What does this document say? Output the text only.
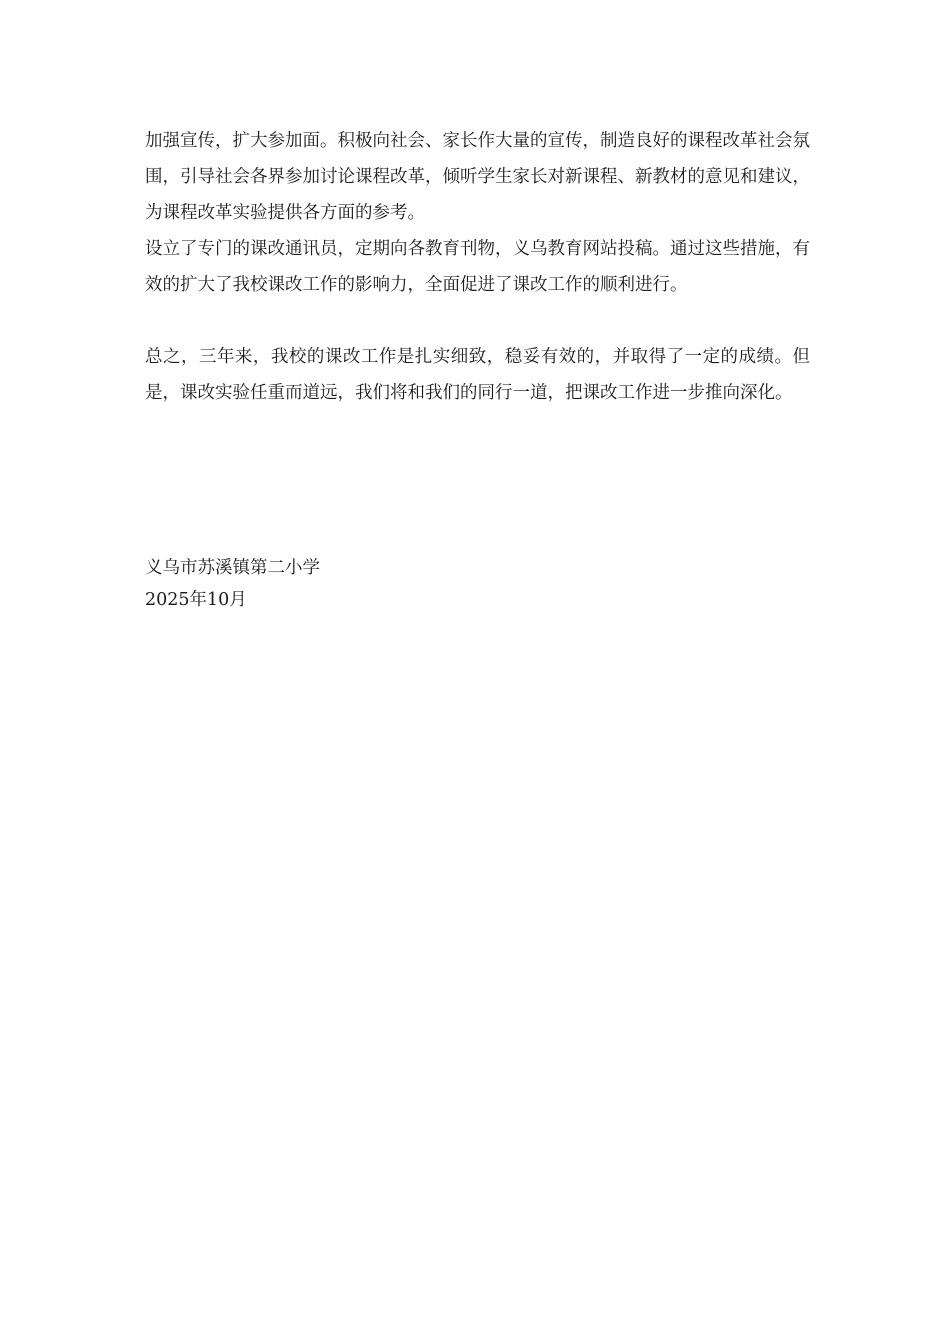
加强宣传，扩大参加面。积极向社会、家长作大量的宣传，制造良好的课程改革社会氛围，引导社会各界参加讨论课程改革，倾听学生家长对新课程、新教材的意见和建议，为课程改革实验提供各方面的参考。

设立了专门的课改通讯员，定期向各教育刊物，义乌教育网站投稿。通过这些措施，有效的扩大了我校课改工作的影响力，全面促进了课改工作的顺利进行。

总之，三年来，我校的课改工作是扎实细致，稳妥有效的，并取得了一定的成绩。但是，课改实验任重而道远，我们将和我们的同行一道，把课改工作进一步推向深化。

义乌市苏溪镇第二小学

2025年10月
